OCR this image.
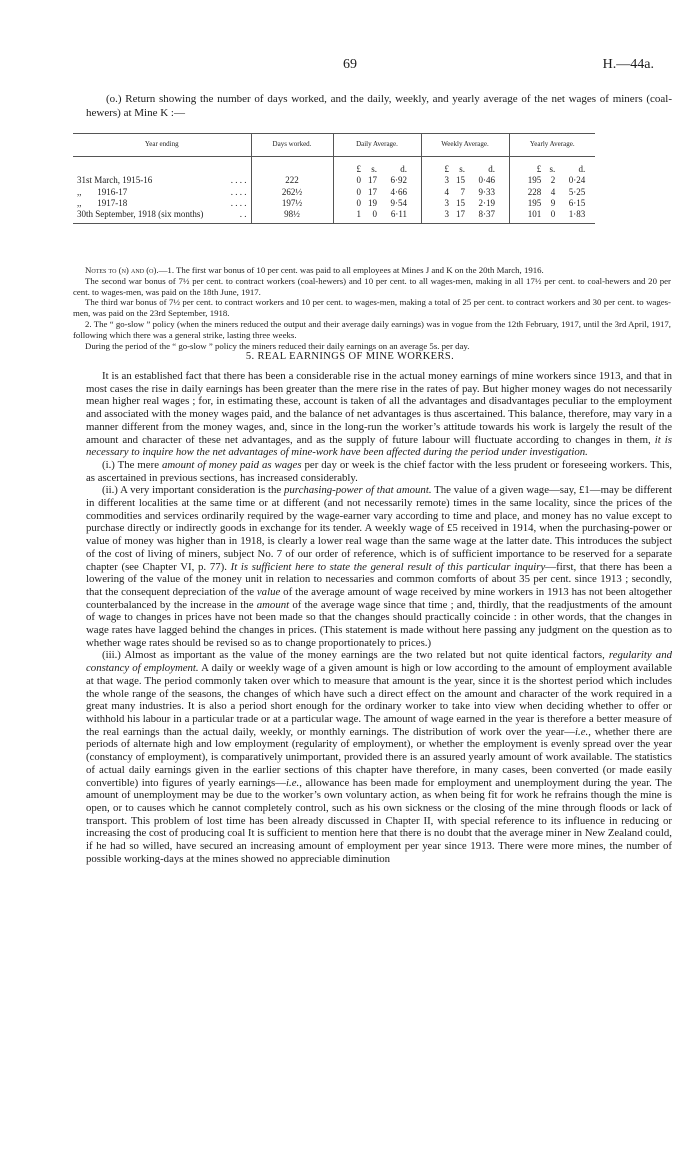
69	H.—44a.
(o.) Return showing the number of days worked, and the daily, weekly, and yearly average of the net wages of miners (coal-hewers) at Mine K :—
Year ending	Days worked.	Daily Average.	Weekly Average.	Yearly Average.

		£ s. d.	£ s. d.	£ s. d.

31st March, 1915-16 . . . .	222	0 17 6·92	3 15 0·46	195 2 0·24

,,       1916-17 . . . .	262½	0 17 4·66	4 7 9·33	228 4 5·25

,,       1917-18 . . . .	197½	0 19 9·54	3 15 2·19	195 9 6·15

30th September, 1918 (six months) . .	98½	1 0 6·11	3 17 8·37	101 0 1·83

Notes to (n) and (o).—1. The first war bonus of 10 per cent. was paid to all employees at Mines J and K on the 20th March, 1916.

The second war bonus of 7½ per cent. to contract workers (coal-hewers) and 10 per cent. to all wages-men, making in all 17½ per cent. to coal-hewers and 20 per cent. to wages-men, was paid on the 18th June, 1917.

The third war bonus of 7½ per cent. to contract workers and 10 per cent. to wages-men, making a total of 25 per cent. to contract workers and 30 per cent. to wages-men, was paid on the 23rd September, 1918.

2. The “ go-slow ” policy (when the miners reduced the output and their average daily earnings) was in vogue from the 12th February, 1917, until the 3rd April, 1917, following which there was a general strike, lasting three weeks.

During the period of the “ go-slow ” policy the miners reduced their daily earnings on an average 5s. per day.

5. REAL EARNINGS OF MINE WORKERS.

It is an established fact that there has been a considerable rise in the actual money earnings of mine workers since 1913, and that in most cases the rise in daily earnings has been greater than the mere rise in the rates of pay. But higher money wages do not necessarily mean higher real wages ; for, in estimating these, account is taken of all the advantages and disadvantages peculiar to the employment and associated with the money wages paid, and the balance of net advantages is thus ascertained. This balance, therefore, may vary in a manner different from the money wages, and, since in the long-run the worker’s attitude towards his work is largely the result of the amount and character of these net advantages, and as the supply of future labour will fluctuate according to changes in them, it is necessary to inquire how the net advantages of mine-work have been affected during the period under investigation.

(i.) The mere amount of money paid as wages per day or week is the chief factor with the less prudent or foreseeing workers. This, as ascertained in previous sections, has increased considerably.

(ii.) A very important consideration is the purchasing-power of that amount. The value of a given wage—say, £1—may be different in different localities at the same time or at different (and not necessarily remote) times in the same locality, since the prices of the commodities and services ordinarily required by the wage-earner vary according to time and place, and money has no value except to purchase directly or indirectly goods in exchange for its tender. A weekly wage of £5 received in 1914, when the purchasing-power or value of money was higher than in 1918, is clearly a lower real wage than the same wage at the latter date. This introduces the subject of the cost of living of miners, subject No. 7 of our order of reference, which is of sufficient importance to be reserved for a separate chapter (see Chapter VI, p. 77). It is sufficient here to state the general result of this particular inquiry—first, that there has been a lowering of the value of the money unit in relation to necessaries and common comforts of about 35 per cent. since 1913 ; secondly, that the consequent depreciation of the value of the average amount of wage received by mine workers in 1913 has not been altogether counterbalanced by the increase in the amount of the average wage since that time ; and, thirdly, that the readjustments of the amount of wage to changes in prices have not been made so that the changes should practically coincide : in other words, that the changes in wage rates have lagged behind the changes in prices. (This statement is made without here passing any judgment on the question as to whether wage rates should be revised so as to change proportionately to prices.)

(iii.) Almost as important as the value of the money earnings are the two related but not quite identical factors, regularity and constancy of employment. A daily or weekly wage of a given amount is high or low according to the amount of employment available at that wage. The period commonly taken over which to measure that amount is the year, since it is the shortest period which includes the whole range of the seasons, the changes of which have such a direct effect on the amount and character of the work required in a great many industries. It is also a period short enough for the ordinary worker to take into view when deciding whether to offer or withhold his labour in a particular trade or at a particular wage. The amount of wage earned in the year is therefore a better measure of the real earnings than the actual daily, weekly, or monthly earnings. The distribution of work over the year—i.e., whether there are periods of alternate high and low employment (regularity of employment), or whether the employment is evenly spread over the year (constancy of employment), is comparatively unimportant, provided there is an assured yearly amount of work available. The statistics of actual daily earnings given in the earlier sections of this chapter have therefore, in many cases, been converted (or made easily convertible) into figures of yearly earnings—i.e., allowance has been made for employment and unemployment during the year. The amount of unemployment may be due to the worker’s own voluntary action, as when being fit for work he refrains though the mine is open, or to causes which he cannot completely control, such as his own sickness or the closing of the mine through floods or lack of transport. This problem of lost time has been already discussed in Chapter II, with special reference to its influence in reducing or increasing the cost of producing coal It is sufficient to mention here that there is no doubt that the average miner in New Zealand could, if he had so willed, have secured an increasing amount of employment per year since 1913. There were more mines, the number of possible working-days at the mines showed no appreciable diminution
